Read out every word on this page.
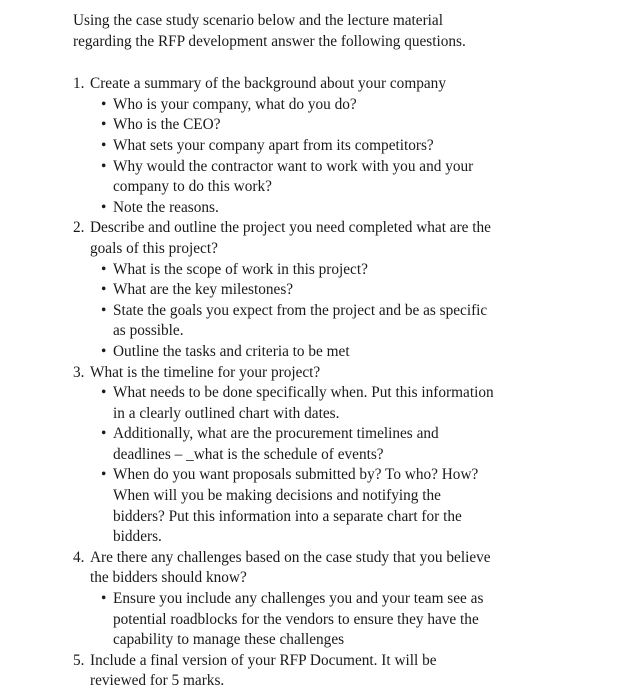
Using the case study scenario below and the lecture material
regarding the RFP development answer the following questions.

1. Create a summary of the background about your company
• Who is your company, what do you do?
• Who is the CEO?
• What sets your company apart from its competitors?
• Why would the contractor want to work with you and your
company to do this work?
• Note the reasons.
2. Describe and outline the project you need completed what are the
goals of this project?
• What is the scope of work in this project?
• What are the key milestones?
• State the goals you expect from the project and be as specific
as possible.
• Outline the tasks and criteria to be met
3. What is the timeline for your project?
• What needs to be done specifically when. Put this information
in a clearly outlined chart with dates.
• Additionally, what are the procurement timelines and
deadlines – _what is the schedule of events?
• When do you want proposals submitted by? To who? How?
When will you be making decisions and notifying the
bidders? Put this information into a separate chart for the
bidders.
4. Are there any challenges based on the case study that you believe
the bidders should know?
• Ensure you include any challenges you and your team see as
potential roadblocks for the vendors to ensure they have the
capability to manage these challenges
5. Include a final version of your RFP Document. It will be
reviewed for 5 marks.
